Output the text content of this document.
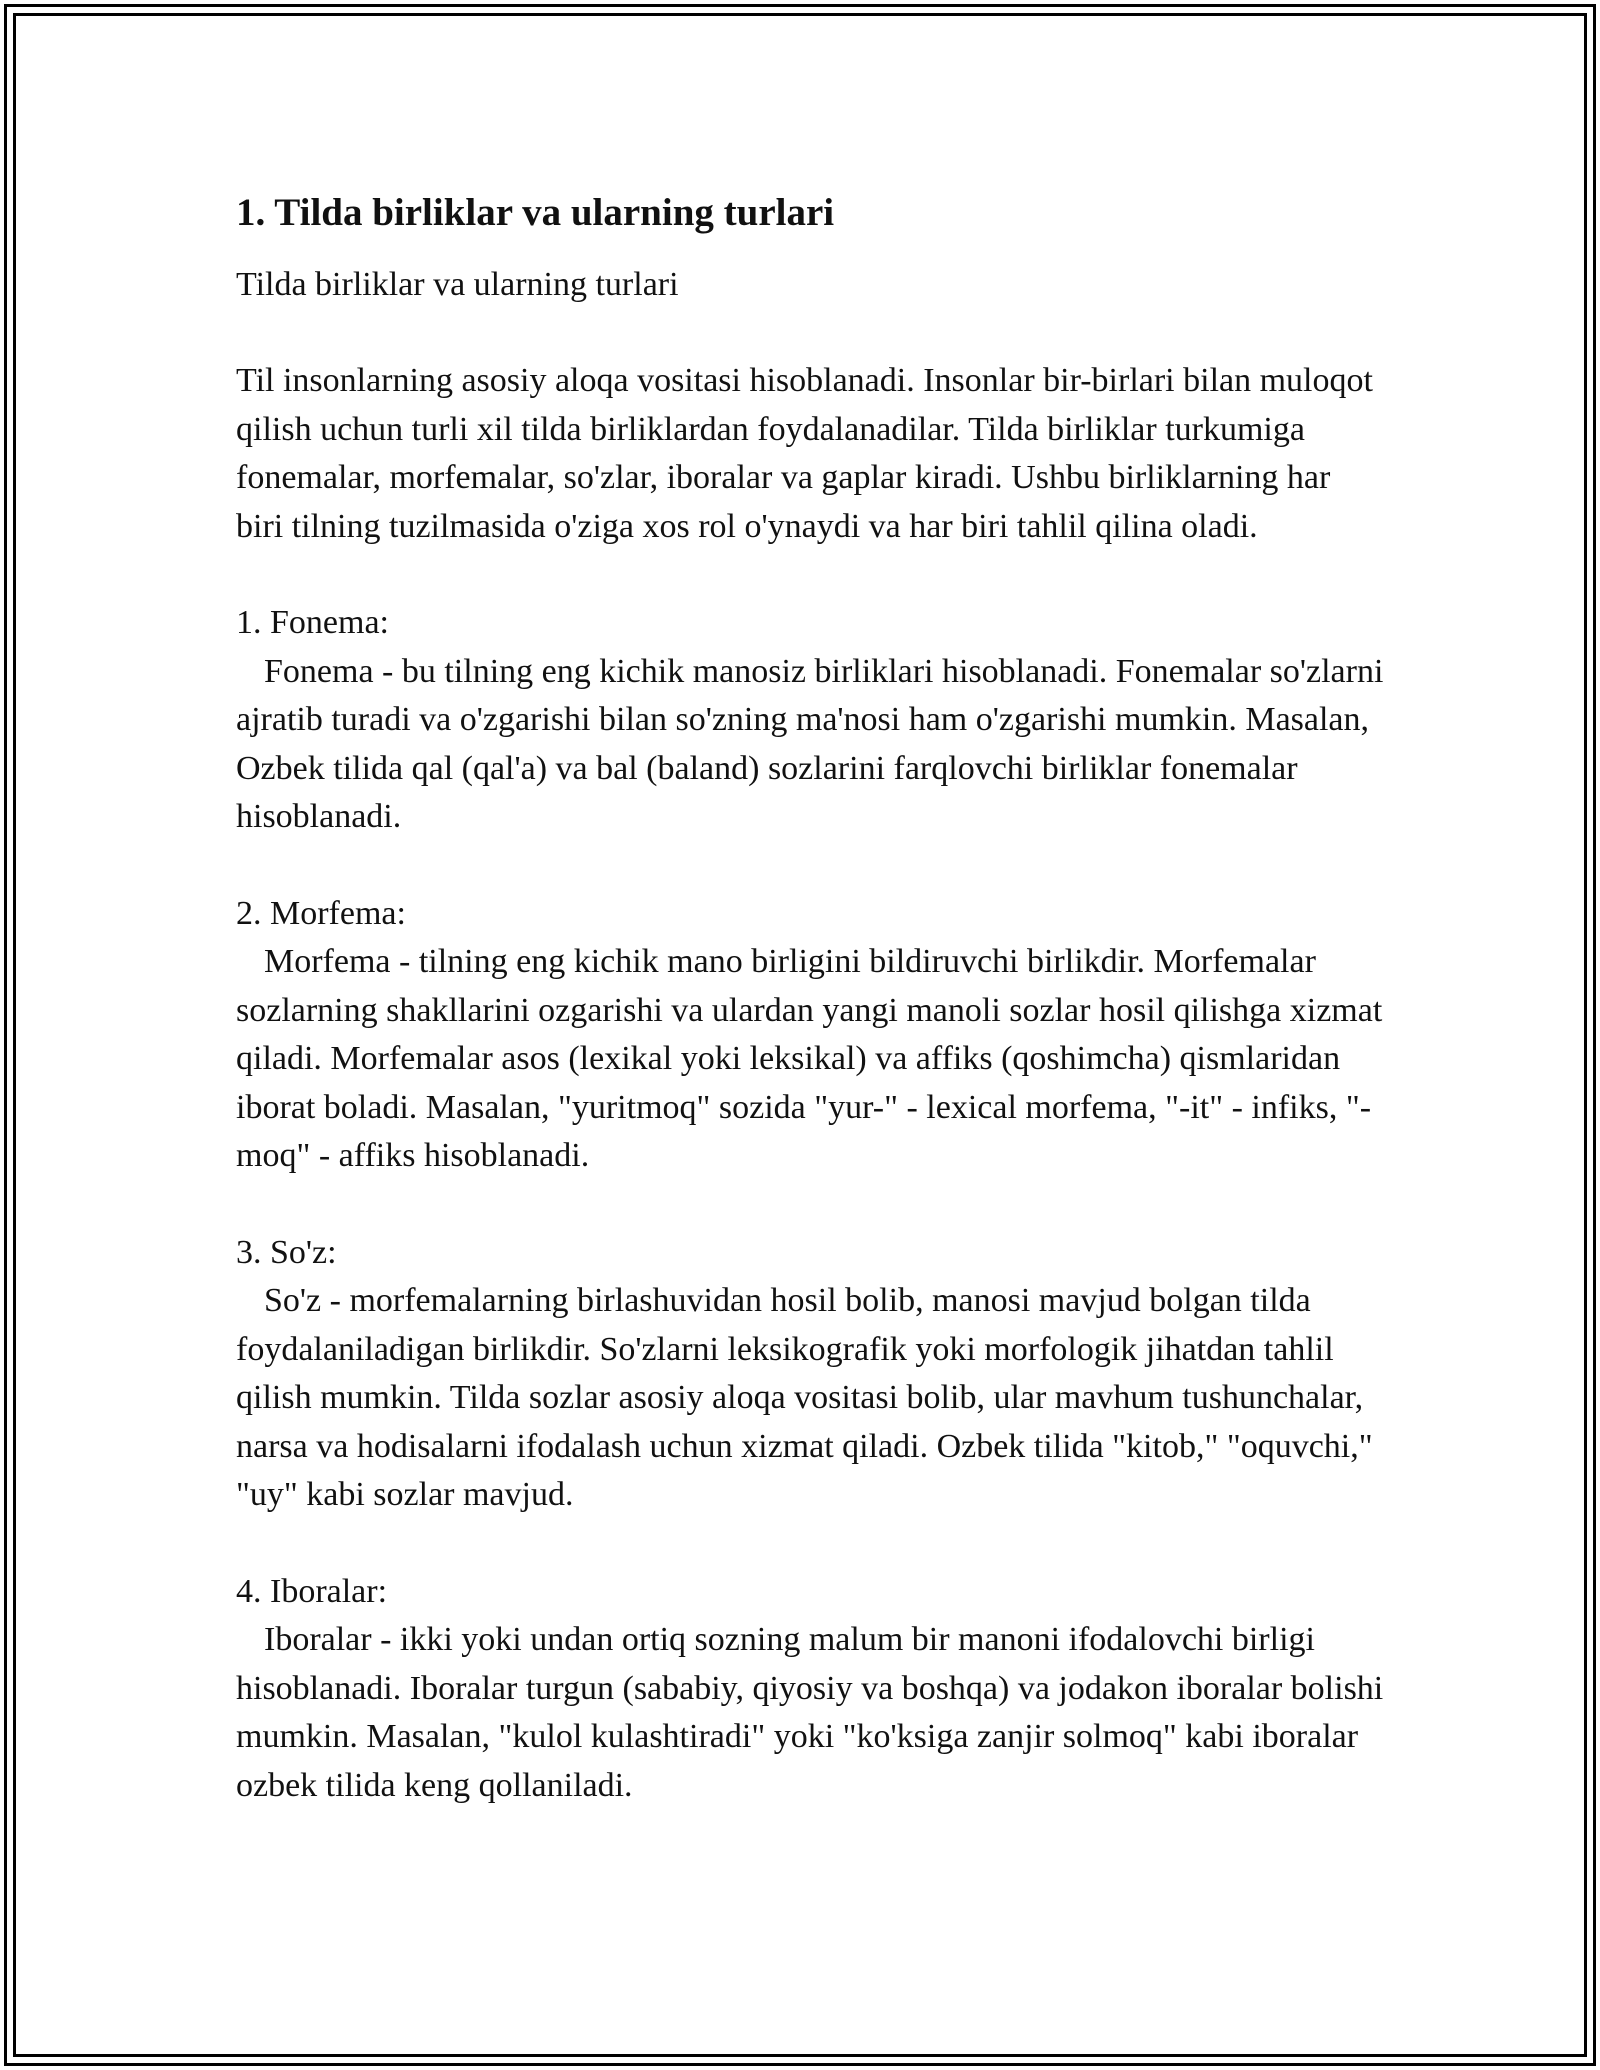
1. Tilda birliklar va ularning turlari

Tilda birliklar va ularning turlari

Til insonlarning asosiy aloqa vositasi hisoblanadi. Insonlar bir-birlari bilan muloqot qilish uchun turli xil tilda birliklardan foydalanadilar. Tilda birliklar turkumiga fonemalar, morfemalar, so'zlar, iboralar va gaplar kiradi. Ushbu birliklarning har biri tilning tuzilmasida o'ziga xos rol o'ynaydi va har biri tahlil qilina oladi.

1. Fonema:

Fonema - bu tilning eng kichik manosiz birliklari hisoblanadi. Fonemalar so'zlarni ajratib turadi va o'zgarishi bilan so'zning ma'nosi ham o'zgarishi mumkin. Masalan, Ozbek tilida qal (qal'a) va bal (baland) sozlarini farqlovchi birliklar fonemalar hisoblanadi.

2. Morfema:

Morfema - tilning eng kichik mano birligini bildiruvchi birlikdir. Morfemalar sozlarning shakllarini ozgarishi va ulardan yangi manoli sozlar hosil qilishga xizmat qiladi. Morfemalar asos (lexikal yoki leksikal) va affiks (qoshimcha) qismlaridan iborat boladi. Masalan, "yuritmoq" sozida "yur-" - lexical morfema, "-it" - infiks, "-moq" - affiks hisoblanadi.

3. So'z:

So'z - morfemalarning birlashuvidan hosil bolib, manosi mavjud bolgan tilda foydalaniladigan birlikdir. So'zlarni leksikografik yoki morfologik jihatdan tahlil qilish mumkin. Tilda sozlar asosiy aloqa vositasi bolib, ular mavhum tushunchalar, narsa va hodisalarni ifodalash uchun xizmat qiladi. Ozbek tilida "kitob," "oquvchi," "uy" kabi sozlar mavjud.

4. Iboralar:

Iboralar - ikki yoki undan ortiq sozning malum bir manoni ifodalovchi birligi hisoblanadi. Iboralar turgun (sababiy, qiyosiy va boshqa) va jodakon iboralar bolishi mumkin. Masalan, "kulol kulashtiradi" yoki "ko'ksiga zanjir solmoq" kabi iboralar ozbek tilida keng qollaniladi.
